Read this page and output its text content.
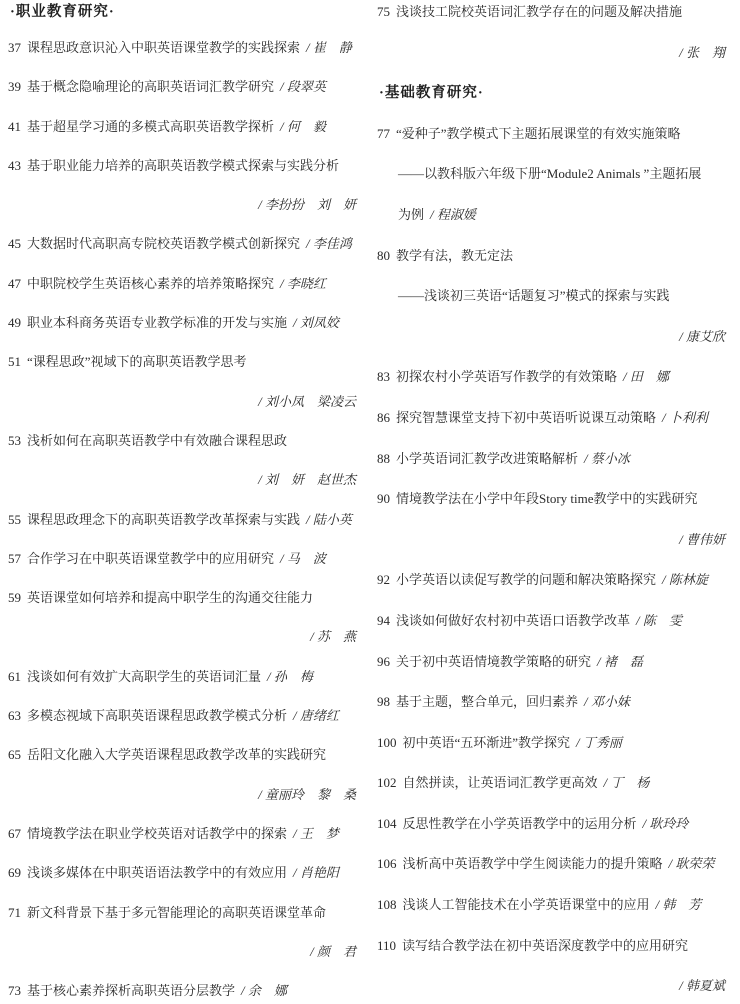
·职业教育研究·
37 课程思政意识沁入中职英语课堂教学的实践探索 / 崔　静
39 基于概念隐喻理论的高职英语词汇教学研究 / 段翠英
41 基于超星学习通的多模式高职英语教学探析 / 何　毅
43 基于职业能力培养的高职英语教学模式探索与实践分析
/ 李扮扮　刘　妍
45 大数据时代高职高专院校英语教学模式创新探究 / 李佳鸿
47 中职院校学生英语核心素养的培养策略探究 / 李晓红
49 职业本科商务英语专业教学标准的开发与实施 / 刘凤姣
51 “课程思政”视域下的高职英语教学思考
/ 刘小凤　梁凌云
53 浅析如何在高职英语教学中有效融合课程思政
/ 刘　妍　赵世杰
55 课程思政理念下的高职英语教学改革探索与实践 / 陆小英
57 合作学习在中职英语课堂教学中的应用研究 / 马　波
59 英语课堂如何培养和提高中职学生的沟通交往能力
/ 苏　燕
61 浅谈如何有效扩大高职学生的英语词汇量 / 孙　梅
63 多模态视域下高职英语课程思政教学模式分析 / 唐绪红
65 岳阳文化融入大学英语课程思政教学改革的实践研究
/ 童丽玲　黎　桑
67 情境教学法在职业学校英语对话教学中的探索 / 王　梦
69 浅谈多媒体在中职英语语法教学中的有效应用 / 肖艳阳
71 新文科背景下基于多元智能理论的高职英语课堂革命
/ 颜　君
73 基于核心素养探析高职英语分层教学 / 余　娜
75 浅谈技工院校英语词汇教学存在的问题及解决措施
/ 张　翔
·基础教育研究·
77 “爱种子”教学模式下主题拓展课堂的有效实施策略
——以教科版六年级下册“Module2 Animals ”主题拓展
为例 / 程淑媛
80 教学有法，教无定法
——浅谈初三英语“话题复习”模式的探索与实践
/ 康艾欣
83 初探农村小学英语写作教学的有效策略 / 田　娜
86 探究智慧课堂支持下初中英语听说课互动策略 / 卜利利
88 小学英语词汇教学改进策略解析 / 蔡小冰
90 情境教学法在小学中年段Story time教学中的实践研究
/ 曹伟妍
92 小学英语以读促写教学的问题和解决策略探究 / 陈林旋
94 浅谈如何做好农村初中英语口语教学改革 / 陈　雯
96 关于初中英语情境教学策略的研究 / 褚　磊
98 基于主题，整合单元，回归素养 / 邓小妹
100 初中英语“五环渐进”教学探究 / 丁秀丽
102 自然拼读，让英语词汇教学更高效 / 丁　杨
104 反思性教学在小学英语教学中的运用分析 / 耿玲玲
106 浅析高中英语教学中学生阅读能力的提升策略 / 耿荣荣
108 浅谈人工智能技术在小学英语课堂中的应用 / 韩　芳
110 读写结合教学法在初中英语深度教学中的应用研究
/ 韩夏斌
